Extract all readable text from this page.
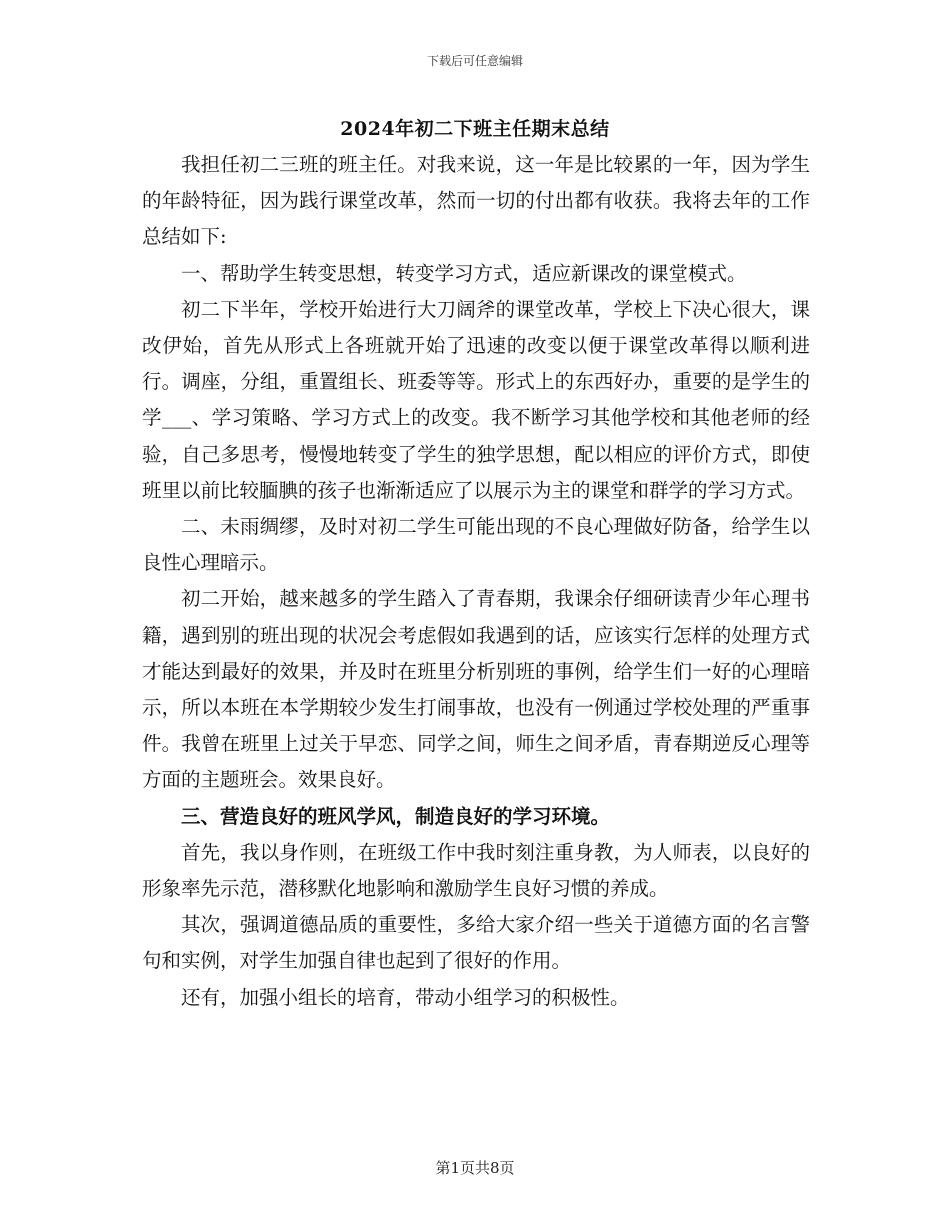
下载后可任意编辑
2024年初二下班主任期末总结

我担任初二三班的班主任。对我来说，这一年是比较累的一年，因为学生的年龄特征，因为践行课堂改革，然而一切的付出都有收获。我将去年的工作总结如下:

一、帮助学生转变思想，转变学习方式，适应新课改的课堂模式。

初二下半年，学校开始进行大刀阔斧的课堂改革，学校上下决心很大，课改伊始，首先从形式上各班就开始了迅速的改变以便于课堂改革得以顺利进行。调座，分组，重置组长、班委等等。形式上的东西好办，重要的是学生的学___、学习策略、学习方式上的改变。我不断学习其他学校和其他老师的经验，自己多思考，慢慢地转变了学生的独学思想，配以相应的评价方式，即使班里以前比较腼腆的孩子也渐渐适应了以展示为主的课堂和群学的学习方式。

二、未雨绸缪，及时对初二学生可能出现的不良心理做好防备，给学生以良性心理暗示。

初二开始，越来越多的学生踏入了青春期，我课余仔细研读青少年心理书籍，遇到别的班出现的状况会考虑假如我遇到的话，应该实行怎样的处理方式才能达到最好的效果，并及时在班里分析别班的事例，给学生们一好的心理暗示，所以本班在本学期较少发生打闹事故，也没有一例通过学校处理的严重事件。我曾在班里上过关于早恋、同学之间，师生之间矛盾，青春期逆反心理等方面的主题班会。效果良好。

三、营造良好的班风学风，制造良好的学习环境。

首先，我以身作则，在班级工作中我时刻注重身教，为人师表，以良好的形象率先示范，潜移默化地影响和激励学生良好习惯的养成。

其次，强调道德品质的重要性，多给大家介绍一些关于道德方面的名言警句和实例，对学生加强自律也起到了很好的作用。

还有，加强小组长的培育，带动小组学习的积极性。

第1页共8页
